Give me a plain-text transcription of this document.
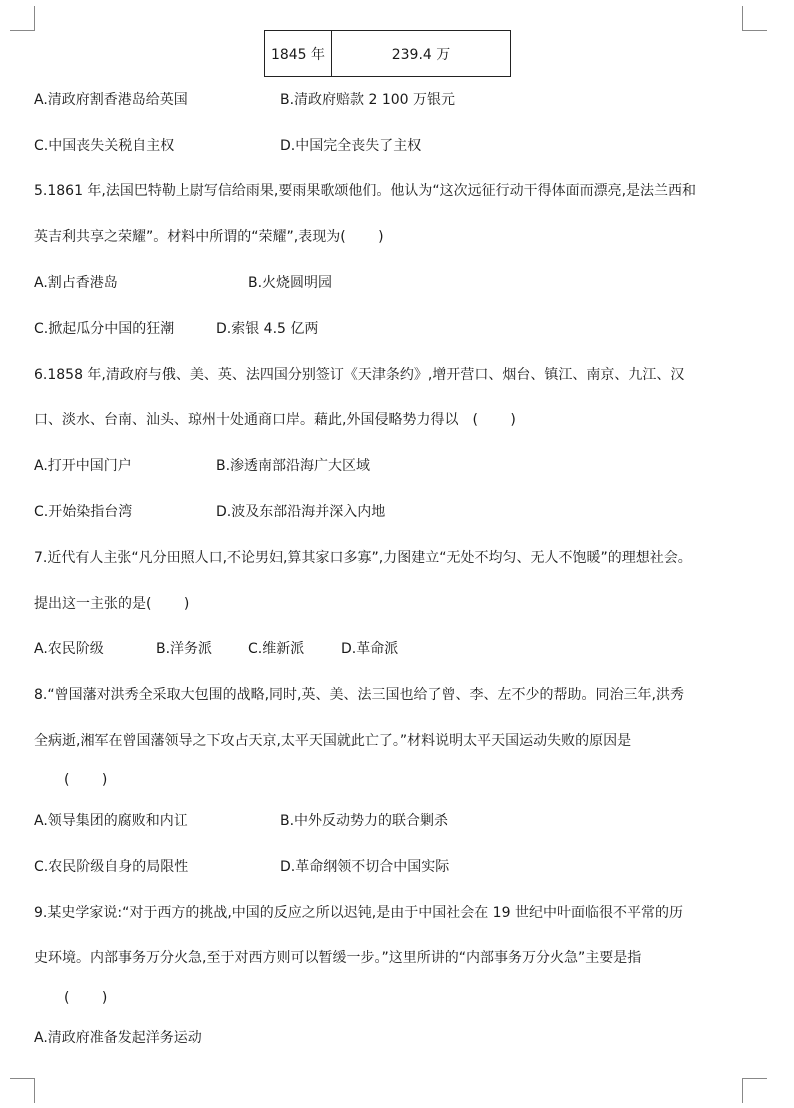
1845 年	239.4 万
A.清政府割香港岛给英国	B.清政府赔款 2 100 万银元
C.中国丧失关税自主权	D.中国完全丧失了主权
5.1861 年,法国巴特勒上尉写信给雨果,要雨果歌颂他们。他认为“这次远征行动干得体面而漂亮,是法兰西和
英吉利共享之荣耀”。材料中所谓的“荣耀”,表现为(　　 )
A.割占香港岛	B.火烧圆明园
C.掀起瓜分中国的狂潮	D.索银 4.5 亿两
6.1858 年,清政府与俄、美、英、法四国分别签订《天津条约》,增开营口、烟台、镇江、南京、九江、汉
口、淡水、台南、汕头、琼州十处通商口岸。藉此,外国侵略势力得以　(　　 )
A.打开中国门户	B.渗透南部沿海广大区域
C.开始染指台湾	D.波及东部沿海并深入内地
7.近代有人主张“凡分田照人口,不论男妇,算其家口多寡”,力图建立“无处不均匀、无人不饱暖”的理想社会。
提出这一主张的是(　　 )
A.农民阶级	B.洋务派	C.维新派	D.革命派
8.“曾国藩对洪秀全采取大包围的战略,同时,英、美、法三国也给了曾、李、左不少的帮助。同治三年,洪秀
全病逝,湘军在曾国藩领导之下攻占天京,太平天国就此亡了。”材料说明太平天国运动失败的原因是
(　　 )
A.领导集团的腐败和内讧	B.中外反动势力的联合剿杀
C.农民阶级自身的局限性	D.革命纲领不切合中国实际
9.某史学家说:“对于西方的挑战,中国的反应之所以迟钝,是由于中国社会在 19 世纪中叶面临很不平常的历
史环境。内部事务万分火急,至于对西方则可以暂缓一步。”这里所讲的“内部事务万分火急”主要是指
(　　 )
A.清政府准备发起洋务运动
